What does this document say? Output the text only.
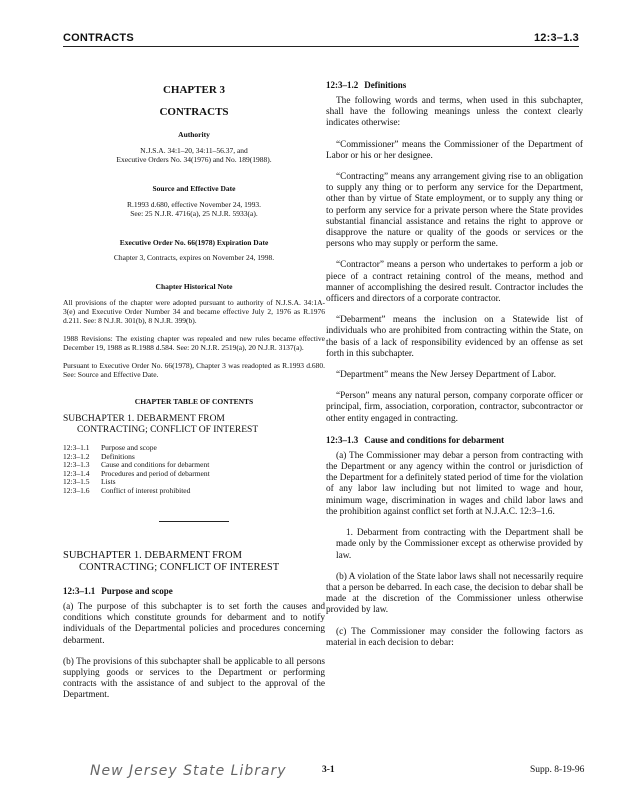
CONTRACTS	12:3–1.3
CHAPTER 3
CONTRACTS
Authority
N.J.S.A. 34:1–20, 34:11–56.37, and
Executive Orders No. 34(1976) and No. 189(1988).
Source and Effective Date
R.1993 d.680, effective November 24, 1993.
See: 25 N.J.R. 4716(a), 25 N.J.R. 5933(a).
Executive Order No. 66(1978) Expiration Date
Chapter 3, Contracts, expires on November 24, 1998.
Chapter Historical Note

All provisions of the chapter were adopted pursuant to authority of N.J.S.A. 34:1A-3(e) and Executive Order Number 34 and became effective July 2, 1976 as R.1976 d.211. See: 8 N.J.R. 301(b), 8 N.J.R. 399(b).

1988 Revisions: The existing chapter was repealed and new rules became effective December 19, 1988 as R.1988 d.584. See: 20 N.J.R. 2519(a), 20 N.J.R. 3137(a).

Pursuant to Executive Order No. 66(1978), Chapter 3 was readopted as R.1993 d.680. See: Source and Effective Date.

CHAPTER TABLE OF CONTENTS
SUBCHAPTER 1. DEBARMENT FROM
CONTRACTING; CONFLICT OF INTEREST
12:3–1.1	Purpose and scope
12:3–1.2	Definitions
12:3–1.3	Cause and conditions for debarment
12:3–1.4	Procedures and period of debarment
12:3–1.5	Lists
12:3–1.6	Conflict of interest prohibited
SUBCHAPTER 1. DEBARMENT FROM
CONTRACTING; CONFLICT OF INTEREST
12:3–1.1 Purpose and scope

(a) The purpose of this subchapter is to set forth the causes and conditions which constitute grounds for debarment and to notify individuals of the Departmental policies and procedures concerning debarment.

(b) The provisions of this subchapter shall be applicable to all persons supplying goods or services to the Department or performing contracts with the assistance of and subject to the approval of the Department.

12:3–1.2 Definitions

The following words and terms, when used in this subchapter, shall have the following meanings unless the context clearly indicates otherwise:

“Commissioner” means the Commissioner of the Department of Labor or his or her designee.

“Contracting” means any arrangement giving rise to an obligation to supply any thing or to perform any service for the Department, other than by virtue of State employment, or to supply any thing or to perform any service for a private person where the State provides substantial financial assistance and retains the right to approve or disapprove the nature or quality of the goods or services or the persons who may supply or perform the same.

“Contractor” means a person who undertakes to perform a job or piece of a contract retaining control of the means, method and manner of accomplishing the desired result. Contractor includes the officers and directors of a corporate contractor.

“Debarment” means the inclusion on a Statewide list of individuals who are prohibited from contracting within the State, on the basis of a lack of responsibility evidenced by an offense as set forth in this subchapter.

“Department” means the New Jersey Department of Labor.

“Person” means any natural person, company corporate officer or principal, firm, association, corporation, contractor, subcontractor or other entity engaged in contracting.

12:3–1.3 Cause and conditions for debarment

(a) The Commissioner may debar a person from contracting with the Department or any agency within the control or jurisdiction of the Department for a definitely stated period of time for the violation of any labor law including but not limited to wage and hour, minimum wage, discrimination in wages and child labor laws and the prohibition against conflict set forth at N.J.A.C. 12:3–1.6.

1. Debarment from contracting with the Department shall be made only by the Commissioner except as otherwise provided by law.

(b) A violation of the State labor laws shall not necessarily require that a person be debarred. In each case, the decision to debar shall be made at the discretion of the Commissioner unless otherwise provided by law.

(c) The Commissioner may consider the following factors as material in each decision to debar:

New Jersey State Library	3-1	Supp. 8-19-96
